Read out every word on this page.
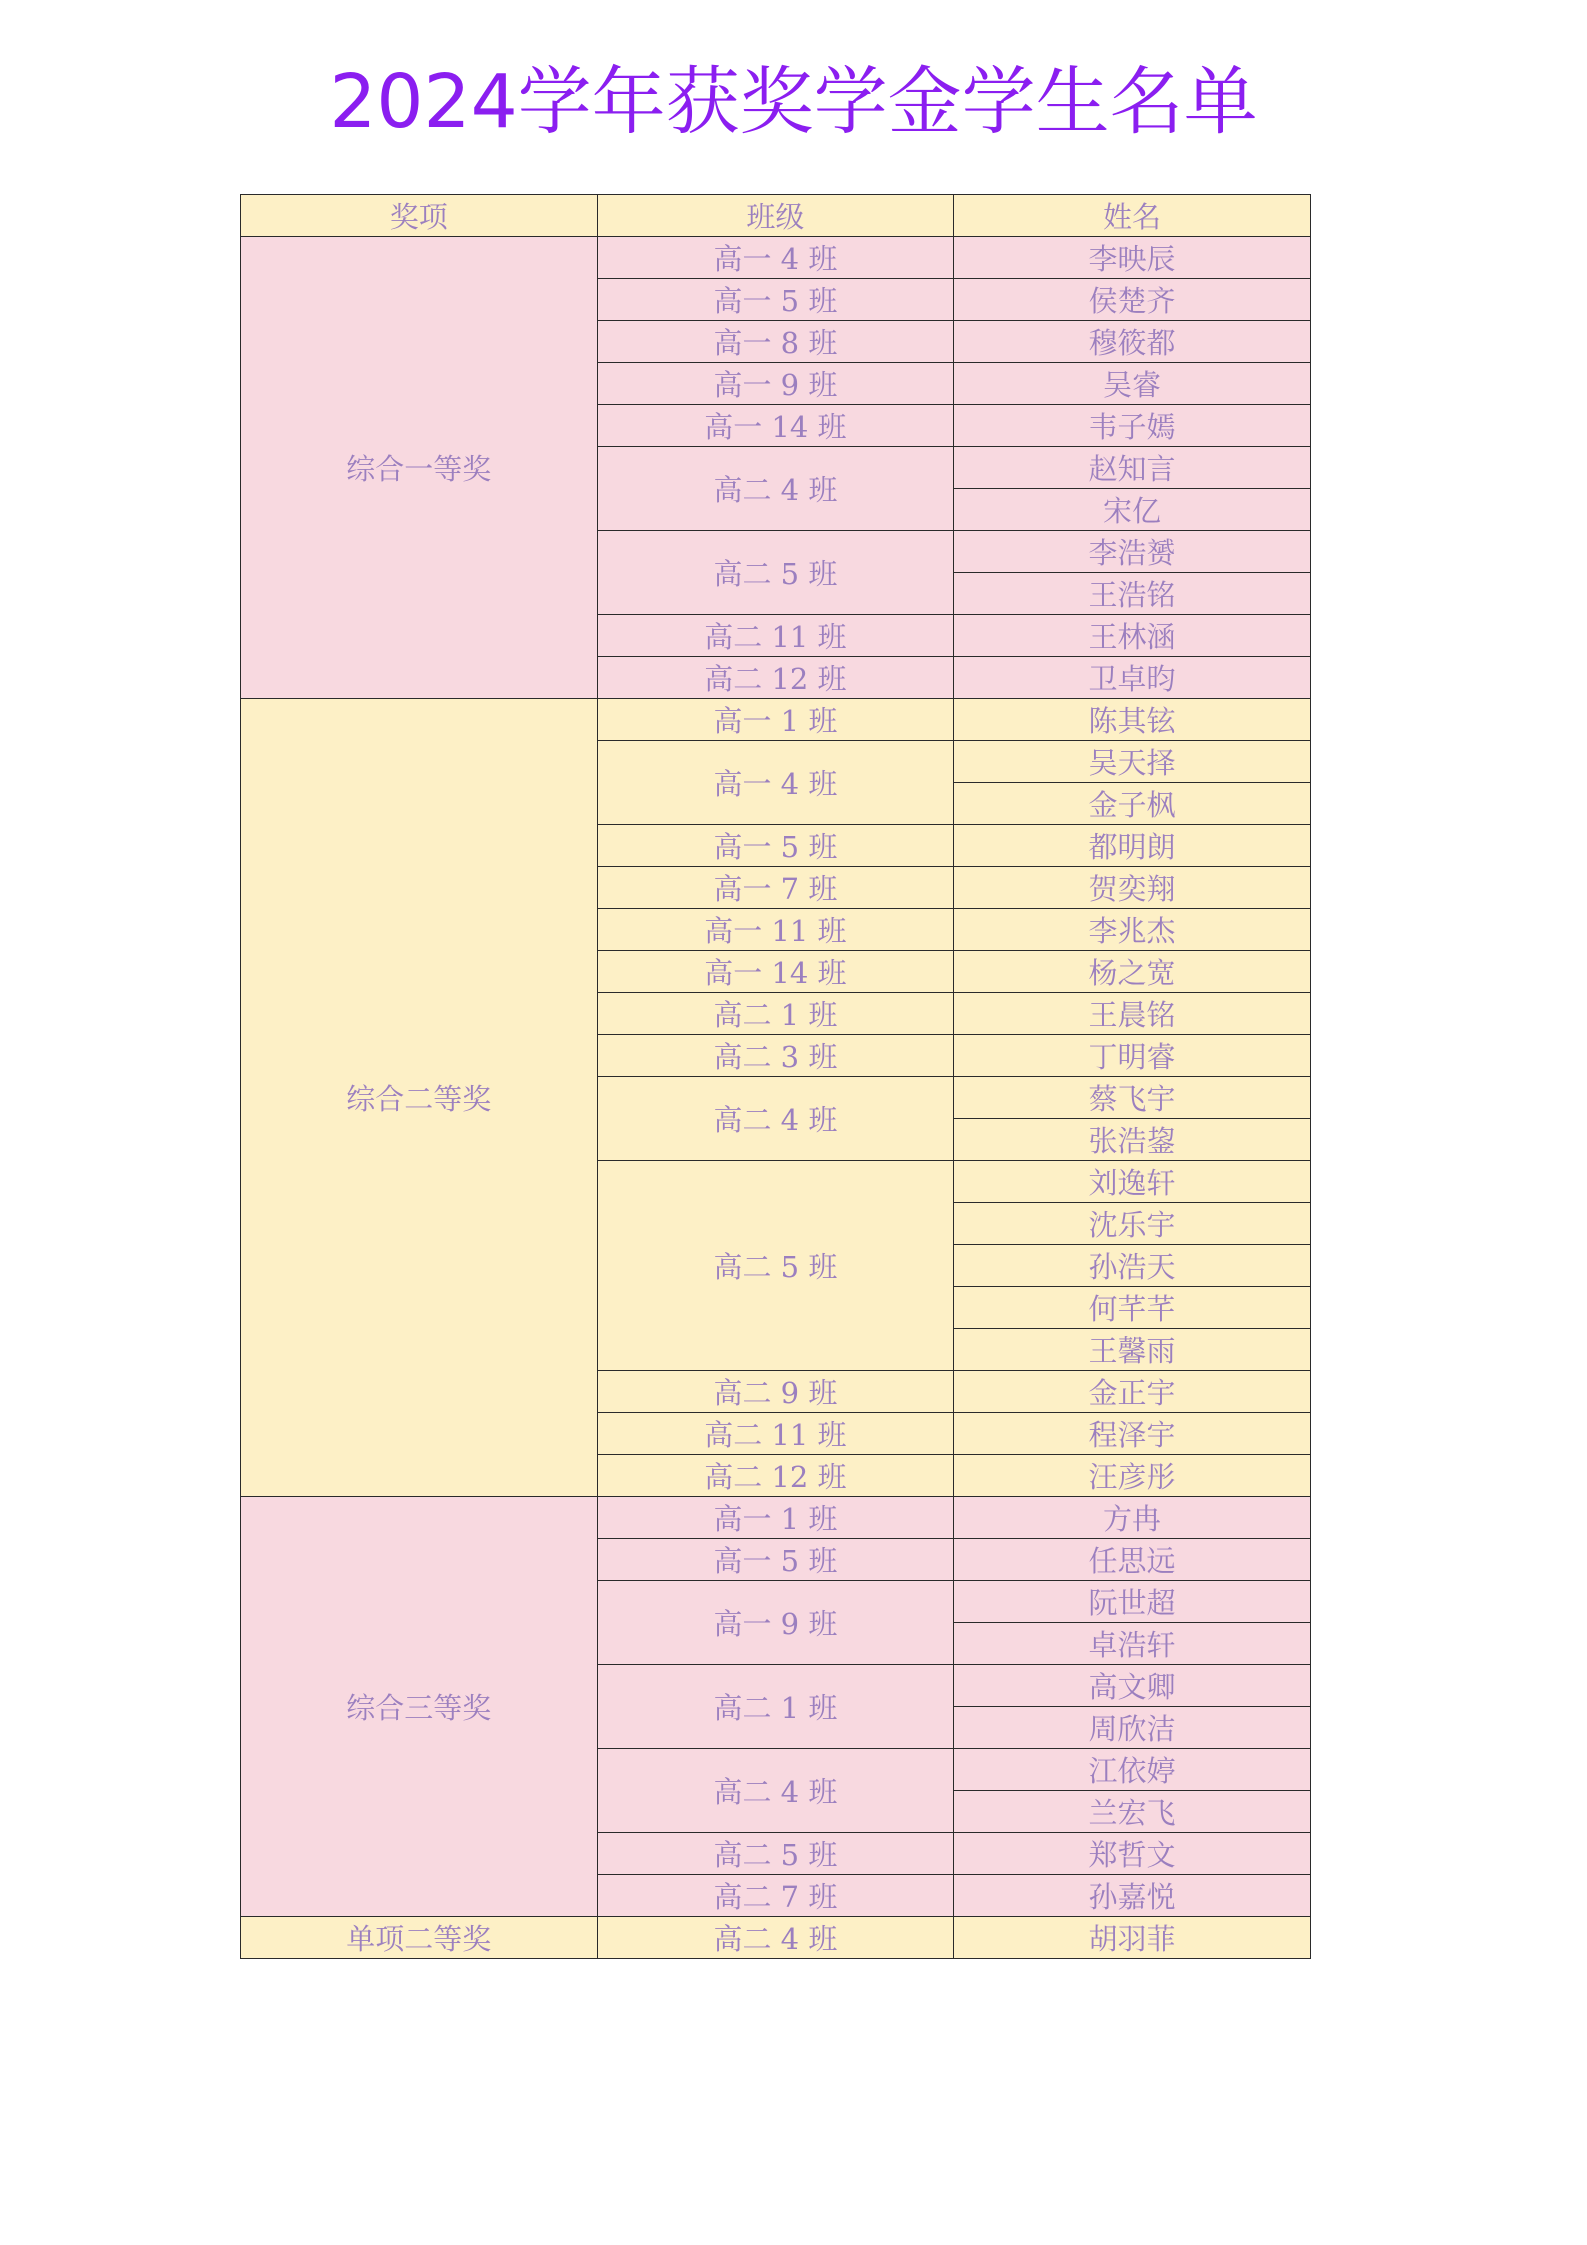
2024学年获奖学金学生名单
奖项	班级	姓名
综合一等奖	高一 4 班	李映辰
	高一 5 班	侯楚齐
	高一 8 班	穆筱都
	高一 9 班	吴睿
	高一 14 班	韦子嫣
	高二 4 班	赵知言
		宋亿
	高二 5 班	李浩赟
		王浩铭
	高二 11 班	王林涵
	高二 12 班	卫卓昀
综合二等奖	高一 1 班	陈其铉
	高一 4 班	吴天择
		金子枫
	高一 5 班	都明朗
	高一 7 班	贺奕翔
	高一 11 班	李兆杰
	高一 14 班	杨之宽
	高二 1 班	王晨铭
	高二 3 班	丁明睿
	高二 4 班	蔡飞宇
		张浩鋆
	高二 5 班	刘逸轩
		沈乐宇
		孙浩天
		何芊芊
		王馨雨
	高二 9 班	金正宇
	高二 11 班	程泽宇
	高二 12 班	汪彦彤
综合三等奖	高一 1 班	方冉
	高一 5 班	任思远
	高一 9 班	阮世超
		卓浩轩
	高二 1 班	高文卿
		周欣洁
	高二 4 班	江依婷
		兰宏飞
	高二 5 班	郑哲文
	高二 7 班	孙嘉悦
单项二等奖	高二 4 班	胡羽菲
